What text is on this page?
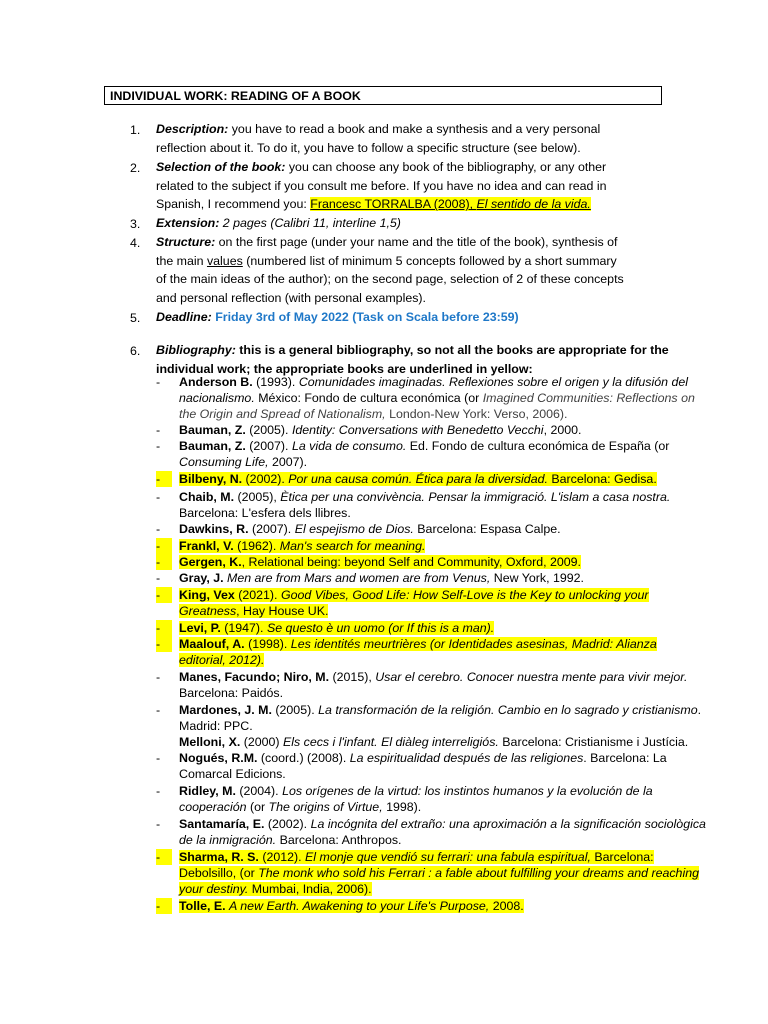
INDIVIDUAL WORK: READING OF A BOOK
1. Description: you have to read a book and make a synthesis and a very personal
reflection about it. To do it, you have to follow a specific structure (see below).
2. Selection of the book: you can choose any book of the bibliography, or any other
related to the subject if you consult me before. If you have no idea and can read in
Spanish, I recommend you: Francesc TORRALBA (2008), El sentido de la vida.
3. Extension: 2 pages (Calibri 11, interline 1,5)
4. Structure: on the first page (under your name and the title of the book), synthesis of
the main values (numbered list of minimum 5 concepts followed by a short summary
of the main ideas of the author); on the second page, selection of 2 of these concepts
and personal reflection (with personal examples).
5. Deadline: Friday 3rd of May 2022 (Task on Scala before 23:59)
6. Bibliography: this is a general bibliography, so not all the books are appropriate for the
individual work; the appropriate books are underlined in yellow:
- Anderson B. (1993). Comunidades imaginadas. Reflexiones sobre el origen y la difusión del nacionalismo. México: Fondo de cultura económica (or Imagined Communities: Reflections on the Origin and Spread of Nationalism, London-New York: Verso, 2006).
- Bauman, Z. (2005). Identity: Conversations with Benedetto Vecchi, 2000.
- Bauman, Z. (2007). La vida de consumo. Ed. Fondo de cultura económica de España (or Consuming Life, 2007).
-	Bilbeny, N. (2002). Por una causa común. Ética para la diversidad. Barcelona: Gedisa.
- Chaib, M. (2005), Ètica per una convivència. Pensar la immigració. L'islam a casa nostra. Barcelona: L'esfera dels llibres.
- Dawkins, R. (2007). El espejismo de Dios. Barcelona: Espasa Calpe.
-	Frankl, V. (1962). Man's search for meaning.
-	Gergen, K., Relational being: beyond Self and Community, Oxford, 2009.
- Gray, J. Men are from Mars and women are from Venus, New York, 1992.
-	King, Vex (2021). Good Vibes, Good Life: How Self-Love is the Key to unlocking your Greatness, Hay House UK.
-	Levi, P. (1947). Se questo è un uomo (or If this is a man).
-	Maalouf, A. (1998). Les identités meurtrières (or Identidades asesinas, Madrid: Alianza editorial, 2012).
- Manes, Facundo; Niro, M. (2015), Usar el cerebro. Conocer nuestra mente para vivir mejor. Barcelona: Paidós.
- Mardones, J. M. (2005). La transformación de la religión. Cambio en lo sagrado y cristianismo. Madrid: PPC.
Melloni, X. (2000) Els cecs i l'infant. El diàleg interreligiós. Barcelona: Cristianisme i Justícia.
- Nogués, R.M. (coord.) (2008). La espiritualidad después de las religiones. Barcelona: La Comarcal Edicions.
- Ridley, M. (2004). Los orígenes de la virtud: los instintos humanos y la evolución de la cooperación (or The origins of Virtue, 1998).
- Santamaría, E. (2002). La incógnita del extraño: una aproximación a la significación sociològica de la inmigración. Barcelona: Anthropos.
-	Sharma, R. S. (2012). El monje que vendió su ferrari: una fabula espiritual, Barcelona: Debolsillo, (or The monk who sold his Ferrari : a fable about fulfilling your dreams and reaching your destiny. Mumbai, India, 2006).
-	Tolle, E. A new Earth. Awakening to your Life's Purpose, 2008.
